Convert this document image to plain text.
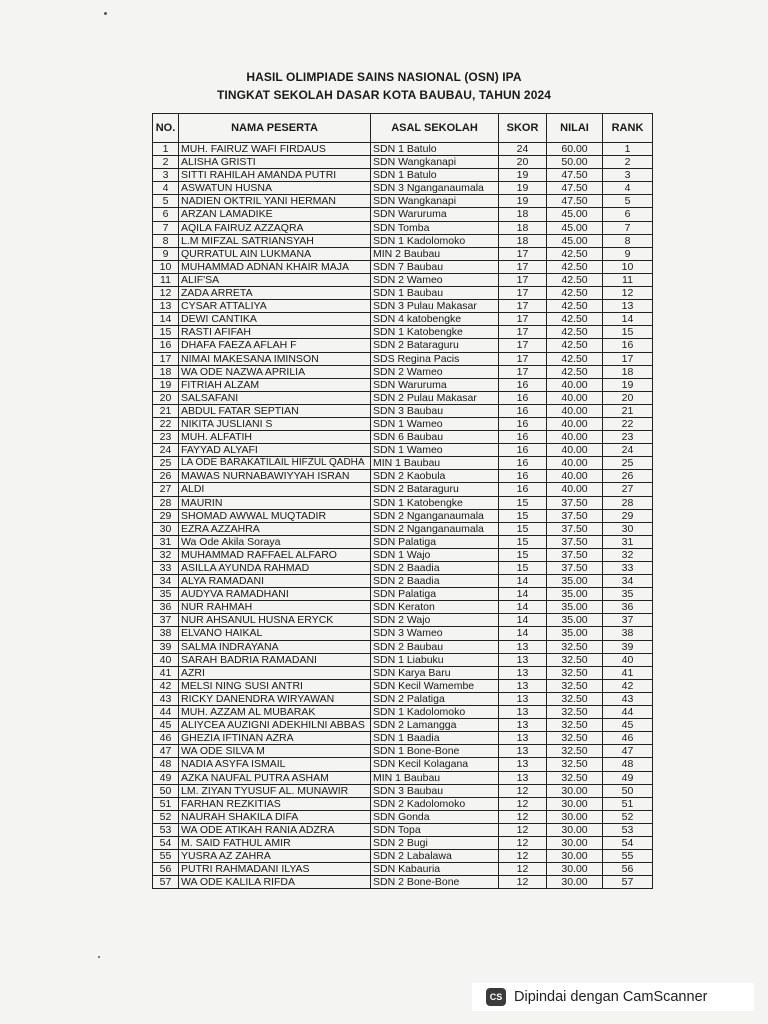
HASIL OLIMPIADE SAINS NASIONAL (OSN) IPA
TINGKAT SEKOLAH DASAR KOTA BAUBAU, TAHUN 2024
NO.	NAMA PESERTA	ASAL SEKOLAH	SKOR	NILAI	RANK
1	MUH. FAIRUZ WAFI FIRDAUS	SDN 1 Batulo	24	60.00	1
2	ALISHA GRISTI	SDN Wangkanapi	20	50.00	2
3	SITTI RAHILAH AMANDA PUTRI	SDN 1 Batulo	19	47.50	3
4	ASWATUN HUSNA	SDN 3 Nganganaumala	19	47.50	4
5	NADIEN OKTRIL YANI HERMAN	SDN Wangkanapi	19	47.50	5
6	ARZAN LAMADIKE	SDN Waruruma	18	45.00	6
7	AQILA FAIRUZ AZZAQRA	SDN Tomba	18	45.00	7
8	L.M MIFZAL SATRIANSYAH	SDN 1 Kadolomoko	18	45.00	8
9	QURRATUL AIN LUKMANA	MIN 2 Baubau	17	42.50	9
10	MUHAMMAD ADNAN KHAIR MAJA	SDN 7 Baubau	17	42.50	10
11	ALIF'SA	SDN 2 Wameo	17	42.50	11
12	ZADA ARRETA	SDN 1 Baubau	17	42.50	12
13	CYSAR ATTALIYA	SDN 3 Pulau Makasar	17	42.50	13
14	DEWI CANTIKA	SDN 4 katobengke	17	42.50	14
15	RASTI AFIFAH	SDN 1 Katobengke	17	42.50	15
16	DHAFA FAEZA AFLAH F	SDN 2 Bataraguru	17	42.50	16
17	NIMAI MAKESANA IMINSON	SDS Regina Pacis	17	42.50	17
18	WA ODE NAZWA APRILIA	SDN 2 Wameo	17	42.50	18
19	FITRIAH ALZAM	SDN Waruruma	16	40.00	19
20	SALSAFANI	SDN 2 Pulau Makasar	16	40.00	20
21	ABDUL FATAR SEPTIAN	SDN 3 Baubau	16	40.00	21
22	NIKITA JUSLIANI S	SDN 1 Wameo	16	40.00	22
23	MUH. ALFATIH	SDN 6 Baubau	16	40.00	23
24	FAYYAD ALYAFI	SDN 1 Wameo	16	40.00	24
25	LA ODE BARAKATILAIL HIFZUL QADHA	MIN 1 Baubau	16	40.00	25
26	MAWAS NURNABAWIYYAH ISRAN	SDN 2 Kaobula	16	40.00	26
27	ALDI	SDN 2 Bataraguru	16	40.00	27
28	MAURIN	SDN 1 Katobengke	15	37.50	28
29	SHOMAD AWWAL MUQTADIR	SDN 2 Nganganaumala	15	37.50	29
30	EZRA AZZAHRA	SDN 2 Nganganaumala	15	37.50	30
31	Wa Ode Akila Soraya	SDN Palatiga	15	37.50	31
32	MUHAMMAD RAFFAEL ALFARO	SDN 1 Wajo	15	37.50	32
33	ASILLA AYUNDA RAHMAD	SDN 2 Baadia	15	37.50	33
34	ALYA RAMADANI	SDN 2 Baadia	14	35.00	34
35	AUDYVA RAMADHANI	SDN Palatiga	14	35.00	35
36	NUR RAHMAH	SDN Keraton	14	35.00	36
37	NUR AHSANUL HUSNA ERYCK	SDN 2 Wajo	14	35.00	37
38	ELVANO HAIKAL	SDN 3 Wameo	14	35.00	38
39	SALMA INDRAYANA	SDN 2 Baubau	13	32.50	39
40	SARAH BADRIA RAMADANI	SDN 1 Liabuku	13	32.50	40
41	AZRI	SDN Karya Baru	13	32.50	41
42	MELSI NING SUSI ANTRI	SDN Kecil Wamembe	13	32.50	42
43	RICKY DANENDRA WIRYAWAN	SDN 2 Palatiga	13	32.50	43
44	MUH. AZZAM AL MUBARAK	SDN 1 Kadolomoko	13	32.50	44
45	ALIYCEA AUZIGNI ADEKHILNI ABBAS	SDN 2 Lamangga	13	32.50	45
46	GHEZIA IFTINAN AZRA	SDN 1 Baadia	13	32.50	46
47	WA ODE SILVA M	SDN 1 Bone-Bone	13	32.50	47
48	NADIA ASYFA ISMAIL	SDN Kecil Kolagana	13	32.50	48
49	AZKA NAUFAL PUTRA ASHAM	MIN 1 Baubau	13	32.50	49
50	LM. ZIYAN TYUSUF AL. MUNAWIR	SDN 3 Baubau	12	30.00	50
51	FARHAN REZKITIAS	SDN 2 Kadolomoko	12	30.00	51
52	NAURAH SHAKILA DIFA	SDN Gonda	12	30.00	52
53	WA ODE ATIKAH RANIA ADZRA	SDN Topa	12	30.00	53
54	M. SAID FATHUL AMIR	SDN 2 Bugi	12	30.00	54
55	YUSRA AZ ZAHRA	SDN 2 Labalawa	12	30.00	55
56	PUTRI RAHMADANI ILYAS	SDN Kabauria	12	30.00	56
57	WA ODE KALILA RIFDA	SDN 2 Bone-Bone	12	30.00	57
CS Dipindai dengan CamScanner
